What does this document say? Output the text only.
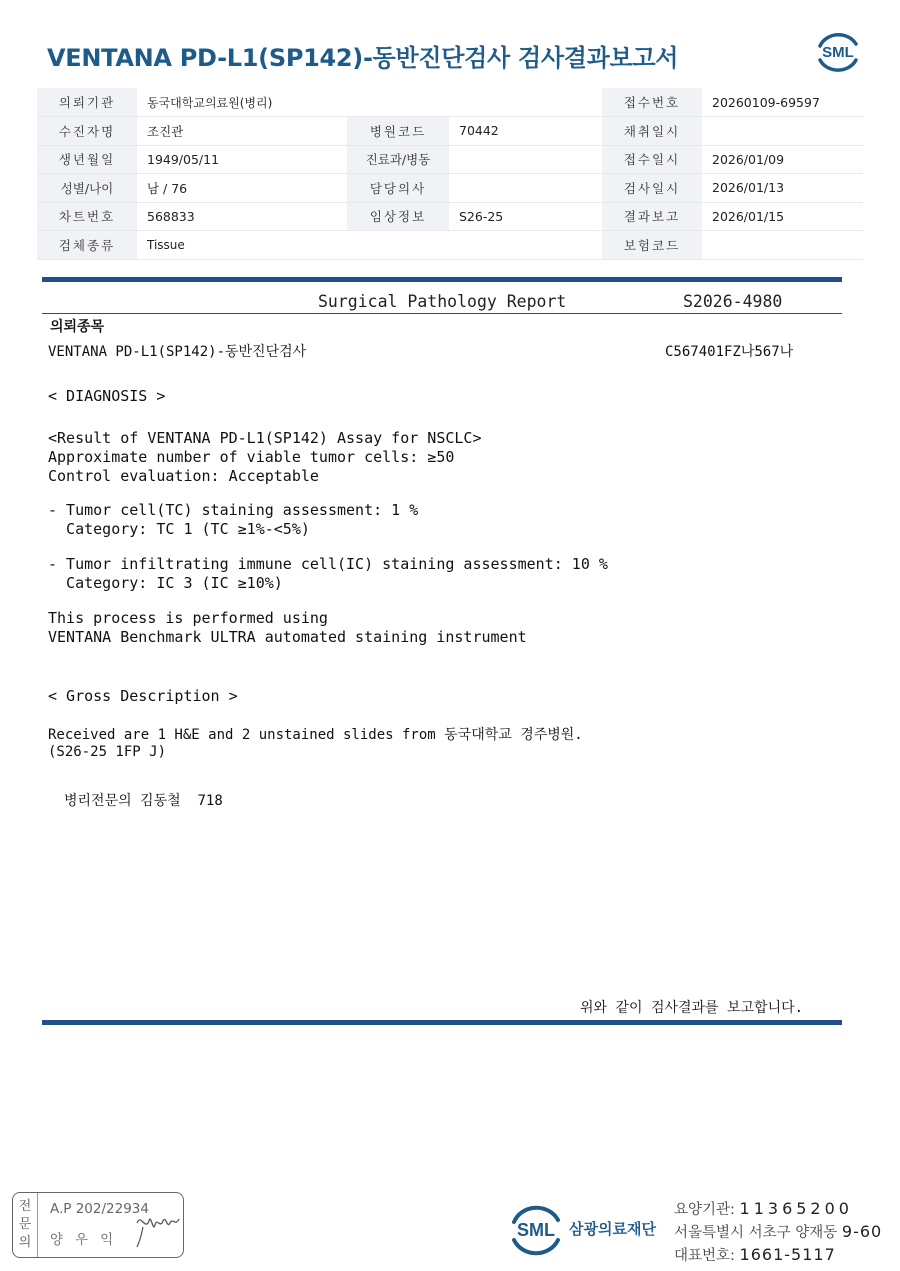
VENTANA PD-L1(SP142)-동반진단검사 검사결과보고서	SML
의뢰기관	동국대학교의료원(병리)			접수번호	20260109-69597
수진자명	조진관	병원코드	70442	채취일시	
생년월일	1949/05/11	진료과/병동		접수일시	2026/01/09
성별/나이	남 / 76	담당의사		검사일시	2026/01/13
차트번호	568833	임상정보	S26-25	결과보고	2026/01/15
검체종류	Tissue			보험코드	
Surgical Pathology Report	S2026-4980
의뢰종목
VENTANA PD-L1(SP142)-동반진단검사	C567401FZ나567나
< DIAGNOSIS >
<Result of VENTANA PD-L1(SP142) Assay for NSCLC>
Approximate number of viable tumor cells: ≥50
Control evaluation: Acceptable
- Tumor cell(TC) staining assessment: 1 %
Category: TC 1 (TC ≥1%-<5%)
- Tumor infiltrating immune cell(IC) staining assessment: 10 %
Category: IC 3 (IC ≥10%)
This process is performed using
VENTANA Benchmark ULTRA automated staining instrument
< Gross Description >
Received are 1 H&E and 2 unstained slides from 동국대학교 경주병원.
(S26-25 1FP J)
병리전문의 김동철  718
위와 같이 검사결과를 보고합니다.
전
문
의
A.P 202/22934
양우익	SML 삼광의료재단
요양기관: 11365200
서울특별시 서초구 양재동 9-60
대표번호: 1661-5117
